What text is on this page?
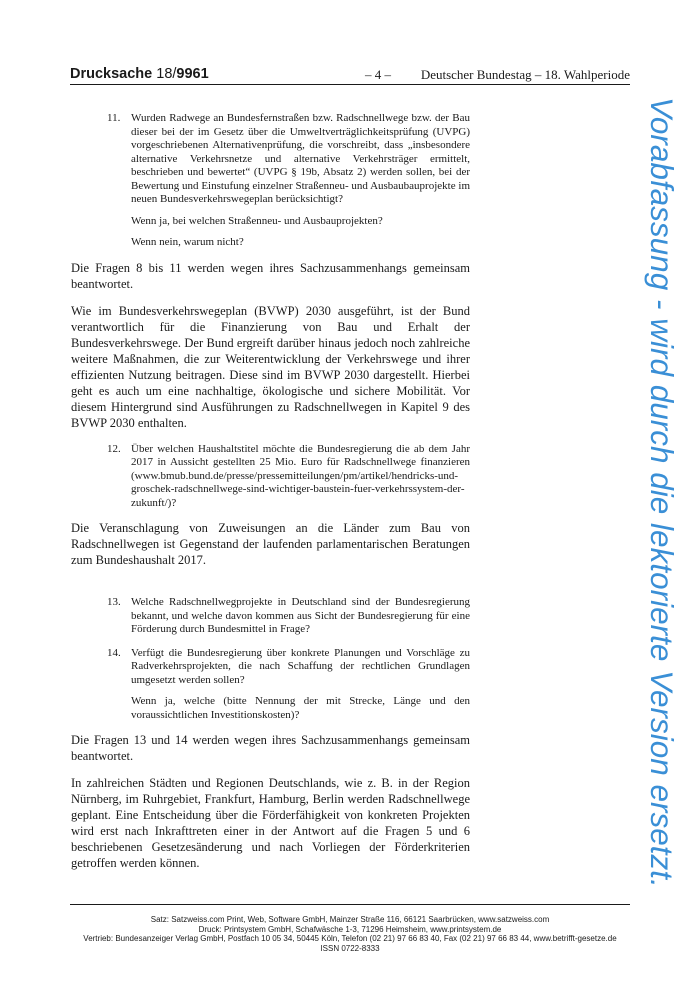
Drucksache 18/9961	– 4 – Deutscher Bundestag – 18. Wahlperiode
11. Wurden Radwege an Bundesfernstraßen bzw. Radschnellwege bzw. der Bau dieser bei der im Gesetz über die Umweltverträglichkeitsprüfung (UVPG) vorgeschriebenen Alternativenprüfung, die vorschreibt, dass „insbesondere alternative Verkehrsnetze und alternative Verkehrsträger ermittelt, beschrieben und bewertet“ (UVPG § 19b, Absatz 2) werden sollen, bei der Bewertung und Einstufung einzelner Straßenneu- und Ausbaubauprojekte im neuen Bundesverkehrswegeplan berücksichtigt?

Wenn ja, bei welchen Straßenneu- und Ausbauprojekten?

Wenn nein, warum nicht?

Die Fragen 8 bis 11 werden wegen ihres Sachzusammenhangs gemeinsam beantwortet.

Wie im Bundesverkehrswegeplan (BVWP) 2030 ausgeführt, ist der Bund verantwortlich für die Finanzierung von Bau und Erhalt der Bundesverkehrswege. Der Bund ergreift darüber hinaus jedoch noch zahlreiche weitere Maßnahmen, die zur Weiterentwicklung der Verkehrswege und ihrer effizienten Nutzung beitragen. Diese sind im BVWP 2030 dargestellt. Hierbei geht es auch um eine nachhaltige, ökologische und sichere Mobilität. Vor diesem Hintergrund sind Ausführungen zu Radschnellwegen in Kapitel 9 des BVWP 2030 enthalten.

12. Über welchen Haushaltstitel möchte die Bundesregierung die ab dem Jahr 2017 in Aussicht gestellten 25 Mio. Euro für Radschnellwege finanzieren (www.bmub.bund.de/presse/pressemitteilungen/pm/artikel/hendricks-und-groschek-radschnellwege-sind-wichtiger-baustein-fuer-verkehrssystem-der-zukunft/)?

Die Veranschlagung von Zuweisungen an die Länder zum Bau von Radschnellwegen ist Gegenstand der laufenden parlamentarischen Beratungen zum Bundeshaushalt 2017.

13. Welche Radschnellwegprojekte in Deutschland sind der Bundesregierung bekannt, und welche davon kommen aus Sicht der Bundesregierung für eine Förderung durch Bundesmittel in Frage?

14. Verfügt die Bundesregierung über konkrete Planungen und Vorschläge zu Radverkehrsprojekten, die nach Schaffung der rechtlichen Grundlagen umgesetzt werden sollen?

Wenn ja, welche (bitte Nennung der mit Strecke, Länge und den voraussichtlichen Investitionskosten)?

Die Fragen 13 und 14 werden wegen ihres Sachzusammenhangs gemeinsam beantwortet.

In zahlreichen Städten und Regionen Deutschlands, wie z. B. in der Region Nürnberg, im Ruhrgebiet, Frankfurt, Hamburg, Berlin werden Radschnellwege geplant. Eine Entscheidung über die Förderfähigkeit von konkreten Projekten wird erst nach Inkrafttreten einer in der Antwort auf die Fragen 5 und 6 beschriebenen Gesetzesänderung und nach Vorliegen der Förderkriterien getroffen werden können.	Vorabfassung - wird durch die lektorierte Version ersetzt.
Satz: Satzweiss.com Print, Web, Software GmbH, Mainzer Straße 116, 66121 Saarbrücken, www.satzweiss.com
Druck: Printsystem GmbH, Schafwäsche 1-3, 71296 Heimsheim, www.printsystem.de
Vertrieb: Bundesanzeiger Verlag GmbH, Postfach 10 05 34, 50445 Köln, Telefon (02 21) 97 66 83 40, Fax (02 21) 97 66 83 44, www.betrifft-gesetze.de
ISSN 0722-8333
